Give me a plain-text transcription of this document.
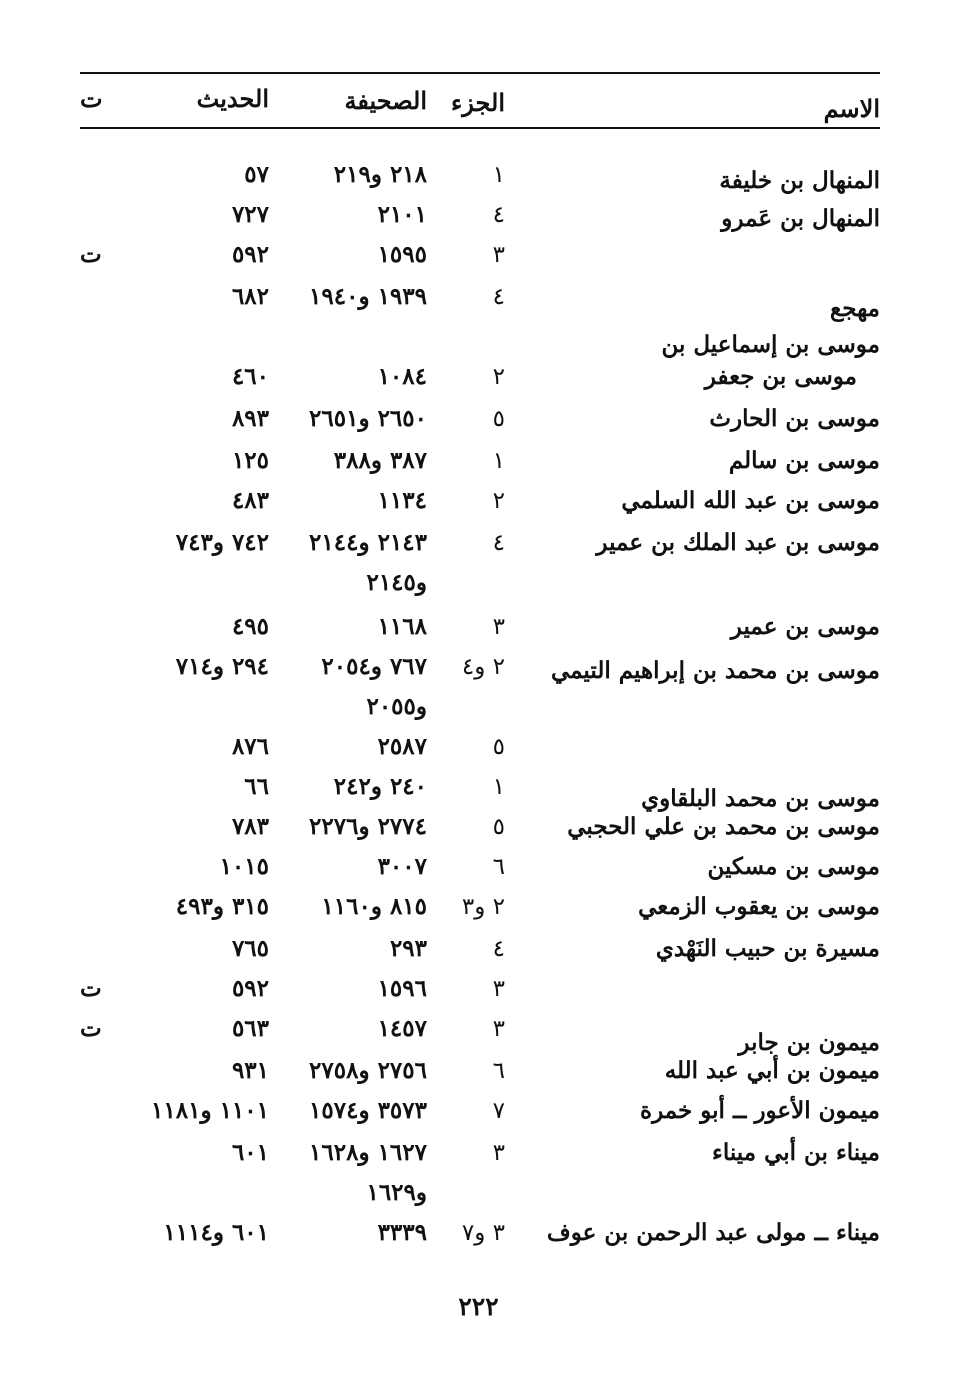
الاسم
الجزء
الصحيفة
الحديث
ت
المنهال بن خليفة
١
٢١٨ و٢١٩
٥٧
المنهال بن عَمرو
٤
٢١٠١
٧٢٧
٣
١٥٩٥
٥٩٢
ت
مهجع
٤
١٩٣٩ و١٩٤٠
٦٨٢
موسى بن إسماعيل بن
موسى بن جعفر
٢
١٠٨٤
٤٦٠
موسى بن الحارث
٥
٢٦٥٠ و٢٦٥١
٨٩٣
موسى بن سالم
١
٣٨٧ و٣٨٨
١٢٥
موسى بن عبد الله السلمي
٢
١١٣٤
٤٨٣
موسى بن عبد الملك بن عمير
٤
٢١٤٣ و٢١٤٤
٧٤٢ و٧٤٣
و٢١٤٥
موسى بن عمير
٣
١١٦٨
٤٩٥
موسى بن محمد بن إبراهيم التيمي
٢ و٤
٧٦٧ و٢٠٥٤
٢٩٤ و٧١٤
و٢٠٥٥
٥
٢٥٨٧
٨٧٦
موسى بن محمد البلقاوي
١
٢٤٠ و٢٤٢
٦٦
موسى بن محمد بن علي الحجبي
٥
٢٧٧٤ و٢٢٧٦
٧٨٣
موسى بن مسكين
٦
٣٠٠٧
١٠١٥
موسى بن يعقوب الزمعي
٢ و٣
٨١٥ و١١٦٠
٣١٥ و٤٩٣
مسيرة بن حبيب النَهْدي
٤
٢٩٣
٧٦٥
٣
١٥٩٦
٥٩٢
ت
ميمون بن جابر
٣
١٤٥٧
٥٦٣
ت
ميمون بن أبي عبد الله
٦
٢٧٥٦ و٢٧٥٨
٩٣١
ميمون الأعور ــ أبو خمرة
٧
٣٥٧٣ و١٥٧٤
١١٠١ و١١٨١
ميناء بن أبي ميناء
٣
١٦٢٧ و١٦٢٨
٦٠١
و١٦٢٩
ميناء ــ مولى عبد الرحمن بن عوف
٣ و٧
٣٣٣٩
٦٠١ و١١١٤
٢٢٢
